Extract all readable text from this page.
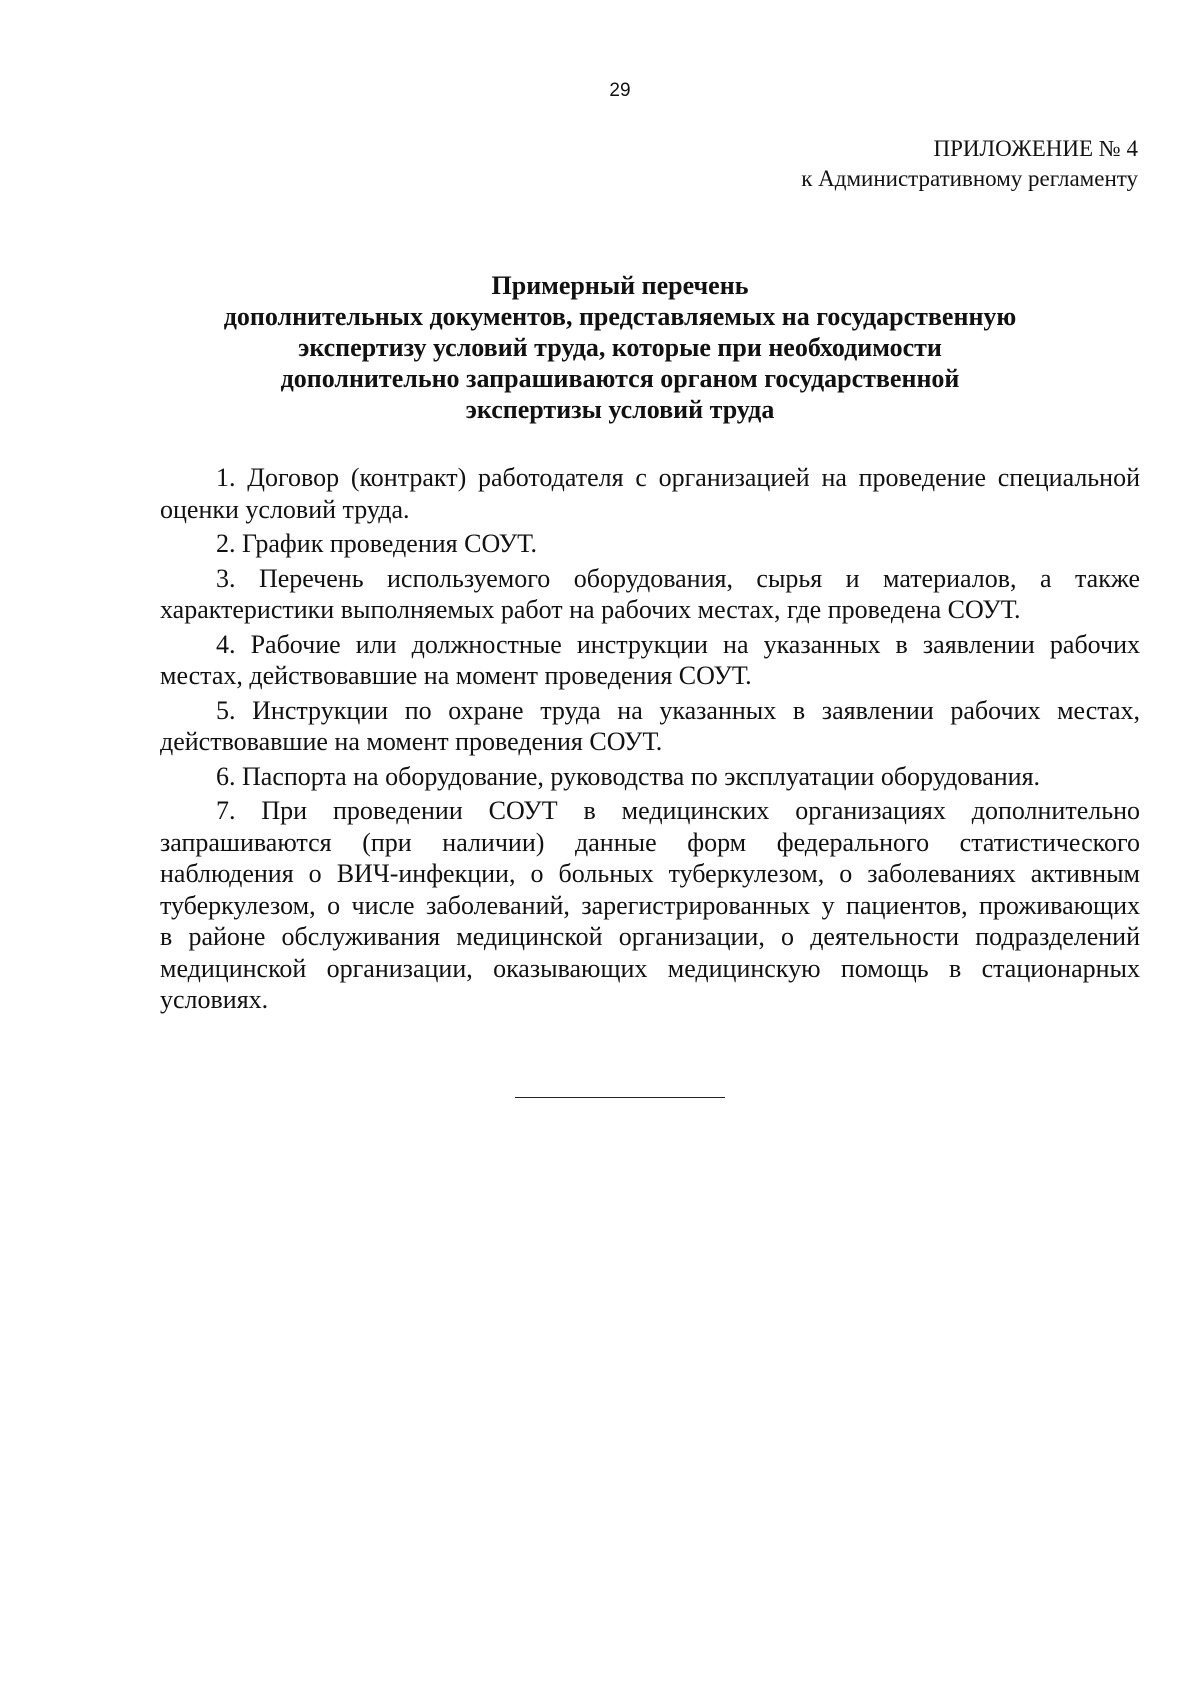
29
ПРИЛОЖЕНИЕ № 4
к Административному регламенту
Примерный перечень
дополнительных документов, представляемых на государственную
экспертизу условий труда, которые при необходимости
дополнительно запрашиваются органом государственной
экспертизы условий труда
1. Договор (контракт) работодателя с организацией на проведение специальной
оценки условий труда.
2. График проведения СОУТ.
3. Перечень используемого оборудования, сырья и материалов, а также
характеристики выполняемых работ на рабочих местах, где проведена СОУТ.
4. Рабочие или должностные инструкции на указанных в заявлении рабочих
местах, действовавшие на момент проведения СОУТ.
5. Инструкции по охране труда на указанных в заявлении рабочих местах,
действовавшие на момент проведения СОУТ.
6. Паспорта на оборудование, руководства по эксплуатации оборудования.
7. При проведении СОУТ в медицинских организациях дополнительно
запрашиваются (при наличии) данные форм федерального статистического
наблюдения о ВИЧ-инфекции, о больных туберкулезом, о заболеваниях активным
туберкулезом, о числе заболеваний, зарегистрированных у пациентов, проживающих
в районе обслуживания медицинской организации, о деятельности подразделений
медицинской организации, оказывающих медицинскую помощь в стационарных
условиях.
